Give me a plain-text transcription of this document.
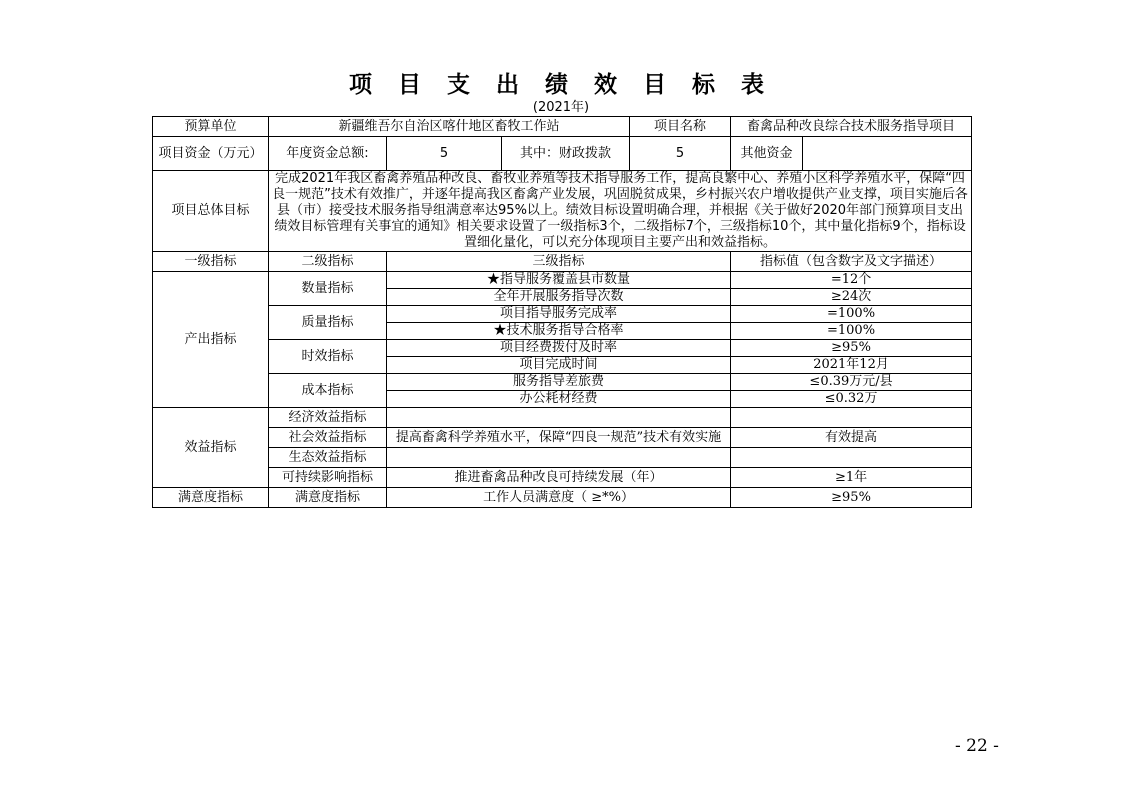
项 目 支 出 绩 效 目 标 表
(2021年)
预算单位	新疆维吾尔自治区喀什地区畜牧工作站			项目名称	畜禽品种改良综合技术服务指导项目	
项目资金（万元）	年度资金总额:	5	其中：财政拨款	5	其他资金	
项目总体目标	完成2021年我区畜禽养殖品种改良、畜牧业养殖等技术指导服务工作，提高良繁中心、养殖小区科学养殖水平，保障“四良一规范”技术有效推广，并逐年提高我区畜禽产业发展，巩固脱贫成果，乡村振兴农户增收提供产业支撑，项目实施后各县（市）接受技术服务指导组满意率达95%以上。绩效目标设置明确合理，并根据《关于做好2020年部门预算项目支出绩效目标管理有关事宜的通知》相关要求设置了一级指标3个，二级指标7个，三级指标10个，其中量化指标9个，指标设置细化量化，可以充分体现项目主要产出和效益指标。					
一级指标	二级指标	三级指标			指标值（包含数字及文字描述）	
产出指标	数量指标	★指导服务覆盖县市数量			=12个	
		全年开展服务指导次数			≥24次	
	质量指标	项目指导服务完成率			=100%	
		★技术服务指导合格率			=100%	
	时效指标	项目经费拨付及时率			≥95%	
		项目完成时间			2021年12月	
	成本指标	服务指导差旅费			≤0.39万元/县	
		办公耗材经费			≤0.32万	
效益指标	经济效益指标					
	社会效益指标	提高畜禽科学养殖水平，保障“四良一规范”技术有效实施			有效提高	
	生态效益指标					
	可持续影响指标	推进畜禽品种改良可持续发展（年）			≥1年	
满意度指标	满意度指标	工作人员满意度（ ≥*%）			≥95%	
- 22 -
